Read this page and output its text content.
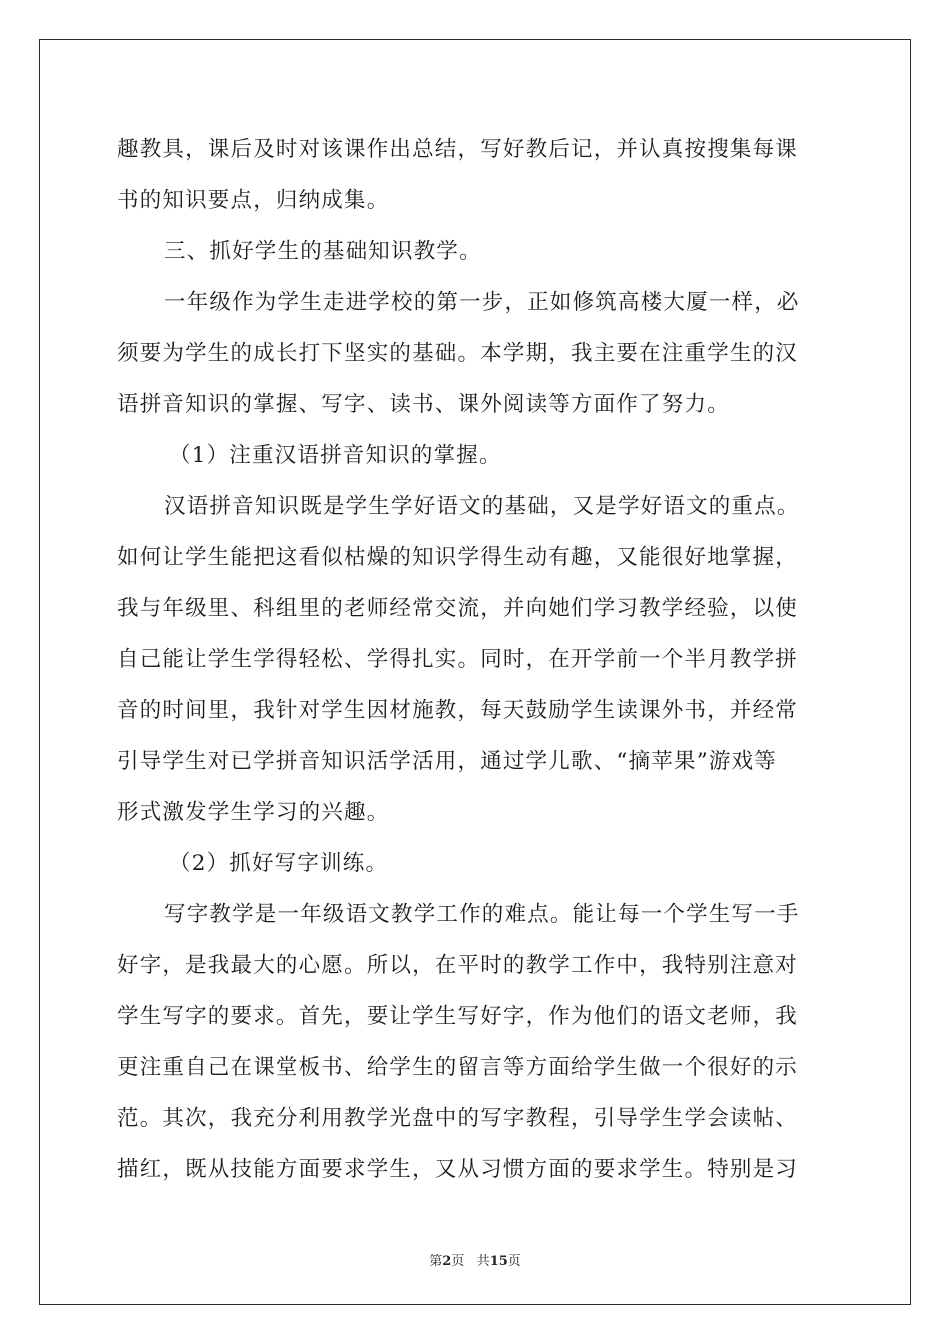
趣教具，课后及时对该课作出总结，写好教后记，并认真按搜集每课
书的知识要点，归纳成集。
三、抓好学生的基础知识教学。
一年级作为学生走进学校的第一步，正如修筑高楼大厦一样，必
须要为学生的成长打下坚实的基础。本学期，我主要在注重学生的汉
语拼音知识的掌握、写字、读书、课外阅读等方面作了努力。
（1）注重汉语拼音知识的掌握。
汉语拼音知识既是学生学好语文的基础，又是学好语文的重点。
如何让学生能把这看似枯燥的知识学得生动有趣，又能很好地掌握，
我与年级里、科组里的老师经常交流，并向她们学习教学经验，以使
自己能让学生学得轻松、学得扎实。同时，在开学前一个半月教学拼
音的时间里，我针对学生因材施教，每天鼓励学生读课外书，并经常
引导学生对已学拼音知识活学活用，通过学儿歌、“摘苹果”游戏等
形式激发学生学习的兴趣。
（2）抓好写字训练。
写字教学是一年级语文教学工作的难点。能让每一个学生写一手
好字，是我最大的心愿。所以，在平时的教学工作中，我特别注意对
学生写字的要求。首先，要让学生写好字，作为他们的语文老师，我
更注重自己在课堂板书、给学生的留言等方面给学生做一个很好的示
范。其次，我充分利用教学光盘中的写字教程，引导学生学会读帖、
描红，既从技能方面要求学生，又从习惯方面的要求学生。特别是习
第2页 共15页
